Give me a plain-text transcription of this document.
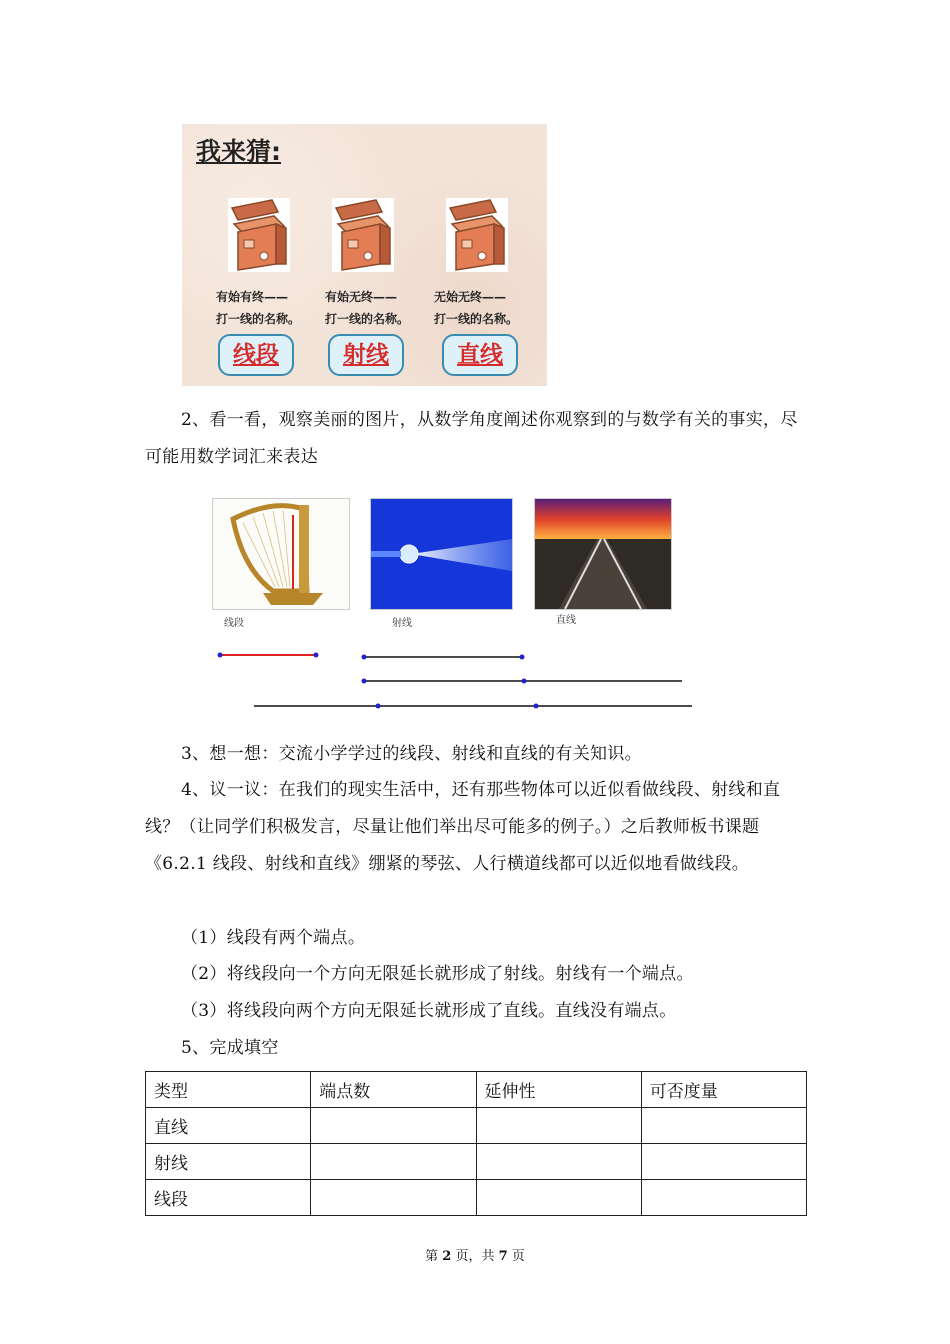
我来猜:
有始有终——
打一线的名称。
有始无终——
打一线的名称。
无始无终——
打一线的名称。
线段	射线	直线
2、看一看，观察美丽的图片，从数学角度阐述你观察到的与数学有关的事实，尽可能用数学词汇来表达
线段	射线	直线
3、想一想：交流小学学过的线段、射线和直线的有关知识。
4、议一议：在我们的现实生活中，还有那些物体可以近似看做线段、射线和直线？（让同学们积极发言，尽量让他们举出尽可能多的例子。）之后教师板书课题《6.2.1 线段、射线和直线》绷紧的琴弦、人行横道线都可以近似地看做线段。
（1）线段有两个端点。
（2）将线段向一个方向无限延长就形成了射线。射线有一个端点。
（3）将线段向两个方向无限延长就形成了直线。直线没有端点。
5、完成填空
类型	端点数	延伸性	可否度量
直线			
射线			
线段			
第 2 页，共 7 页
